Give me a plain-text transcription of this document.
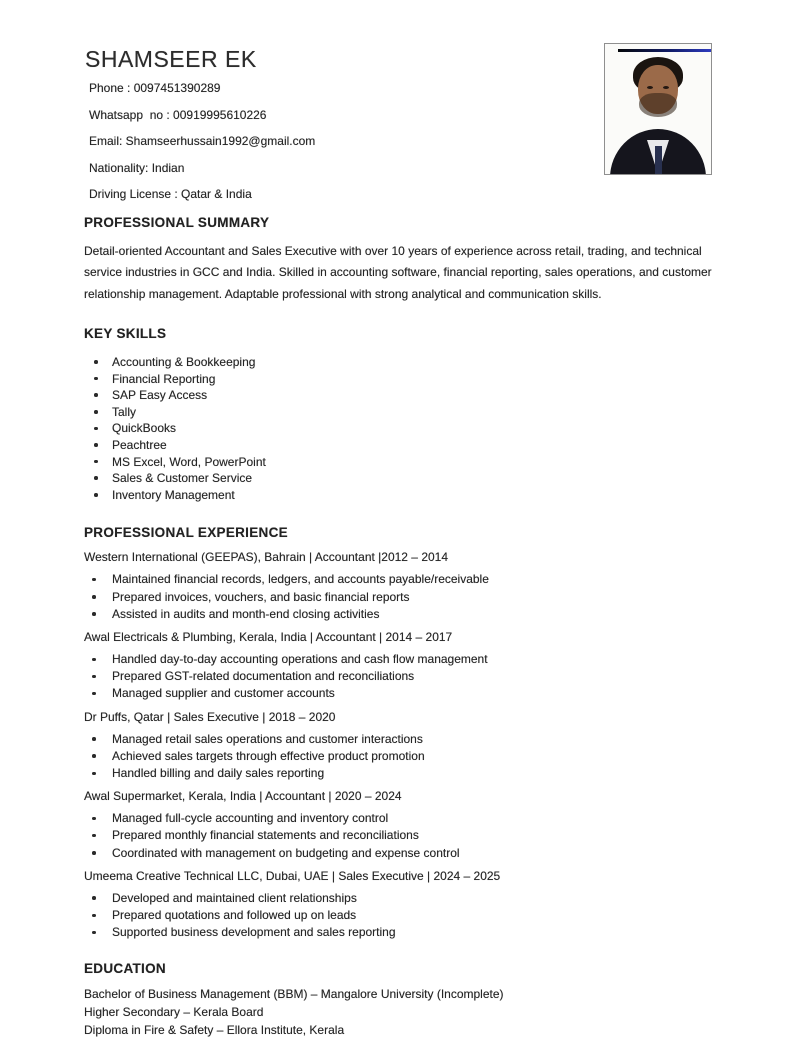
SHAMSEER EK
Phone : 0097451390289
Whatsapp  no : 00919995610226
Email: Shamseerhussain1992@gmail.com
Nationality: Indian
Driving License : Qatar & India
PROFESSIONAL SUMMARY

Detail-oriented Accountant and Sales Executive with over 10 years of experience across retail, trading, and technical service industries in GCC and India. Skilled in accounting software, financial reporting, sales operations, and customer relationship management. Adaptable professional with strong analytical and communication skills.

KEY SKILLS
Accounting & Bookkeeping
Financial Reporting
SAP Easy Access
Tally
QuickBooks
Peachtree
MS Excel, Word, PowerPoint
Sales & Customer Service
Inventory Management
PROFESSIONAL EXPERIENCE

Western International (GEEPAS), Bahrain | Accountant |2012 – 2014

Maintained financial records, ledgers, and accounts payable/receivable
Prepared invoices, vouchers, and basic financial reports
Assisted in audits and month-end closing activities

Awal Electricals & Plumbing, Kerala, India | Accountant | 2014 – 2017

Handled day-to-day accounting operations and cash flow management
Prepared GST-related documentation and reconciliations
Managed supplier and customer accounts

Dr Puffs, Qatar | Sales Executive | 2018 – 2020

Managed retail sales operations and customer interactions
Achieved sales targets through effective product promotion
Handled billing and daily sales reporting

Awal Supermarket, Kerala, India | Accountant | 2020 – 2024

Managed full-cycle accounting and inventory control
Prepared monthly financial statements and reconciliations
Coordinated with management on budgeting and expense control

Umeema Creative Technical LLC, Dubai, UAE | Sales Executive | 2024 – 2025

Developed and maintained client relationships
Prepared quotations and followed up on leads
Supported business development and sales reporting
EDUCATION
Bachelor of Business Management (BBM) – Mangalore University (Incomplete)
Higher Secondary – Kerala Board
Diploma in Fire & Safety – Ellora Institute, Kerala
